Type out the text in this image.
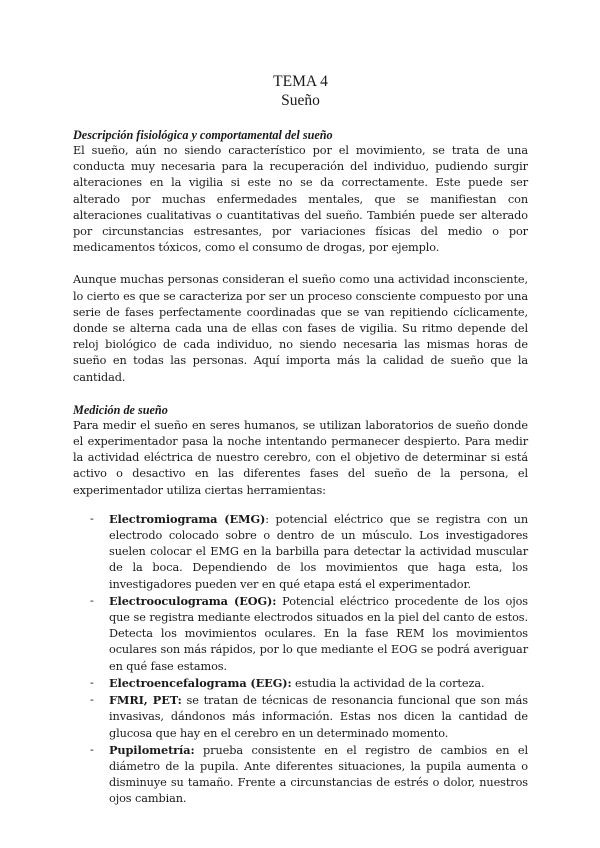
TEMA 4
Sueño
Descripción fisiológica y comportamental del sueño

El sueño, aún no siendo característico por el movimiento, se trata de una conducta muy necesaria para la recuperación del individuo, pudiendo surgir alteraciones en la vigilia si este no se da correctamente. Este puede ser alterado por muchas enfermedades mentales, que se manifiestan con alteraciones cualitativas o cuantitativas del sueño. También puede ser alterado por circunstancias estresantes, por variaciones físicas del medio o por medicamentos tóxicos, como el consumo de drogas, por ejemplo.

Aunque muchas personas consideran el sueño como una actividad inconsciente, lo cierto es que se caracteriza por ser un proceso consciente compuesto por una serie de fases perfectamente coordinadas que se van repitiendo cíclicamente, donde se alterna cada una de ellas con fases de vigilia. Su ritmo depende del reloj biológico de cada individuo, no siendo necesaria las mismas horas de sueño en todas las personas. Aquí importa más la calidad de sueño que la cantidad.

Medición de sueño

Para medir el sueño en seres humanos, se utilizan laboratorios de sueño donde el experimentador pasa la noche intentando permanecer despierto. Para medir la actividad eléctrica de nuestro cerebro, con el objetivo de determinar si está activo o desactivo en las diferentes fases del sueño de la persona, el experimentador utiliza ciertas herramientas:

- Electromiograma (EMG): potencial eléctrico que se registra con un electrodo colocado sobre o dentro de un músculo. Los investigadores suelen colocar el EMG en la barbilla para detectar la actividad muscular de la boca. Dependiendo de los movimientos que haga esta, los investigadores pueden ver en qué etapa está el experimentador.
- Electrooculograma (EOG): Potencial eléctrico procedente de los ojos que se registra mediante electrodos situados en la piel del canto de estos. Detecta los movimientos oculares. En la fase REM los movimientos oculares son más rápidos, por lo que mediante el EOG se podrá averiguar en qué fase estamos.
- Electroencefalograma (EEG): estudia la actividad de la corteza.
- FMRI, PET: se tratan de técnicas de resonancia funcional que son más invasivas, dándonos más información. Estas nos dicen la cantidad de glucosa que hay en el cerebro en un determinado momento.
- Pupilometría: prueba consistente en el registro de cambios en el diámetro de la pupila. Ante diferentes situaciones, la pupila aumenta o disminuye su tamaño. Frente a circunstancias de estrés o dolor, nuestros ojos cambian.
